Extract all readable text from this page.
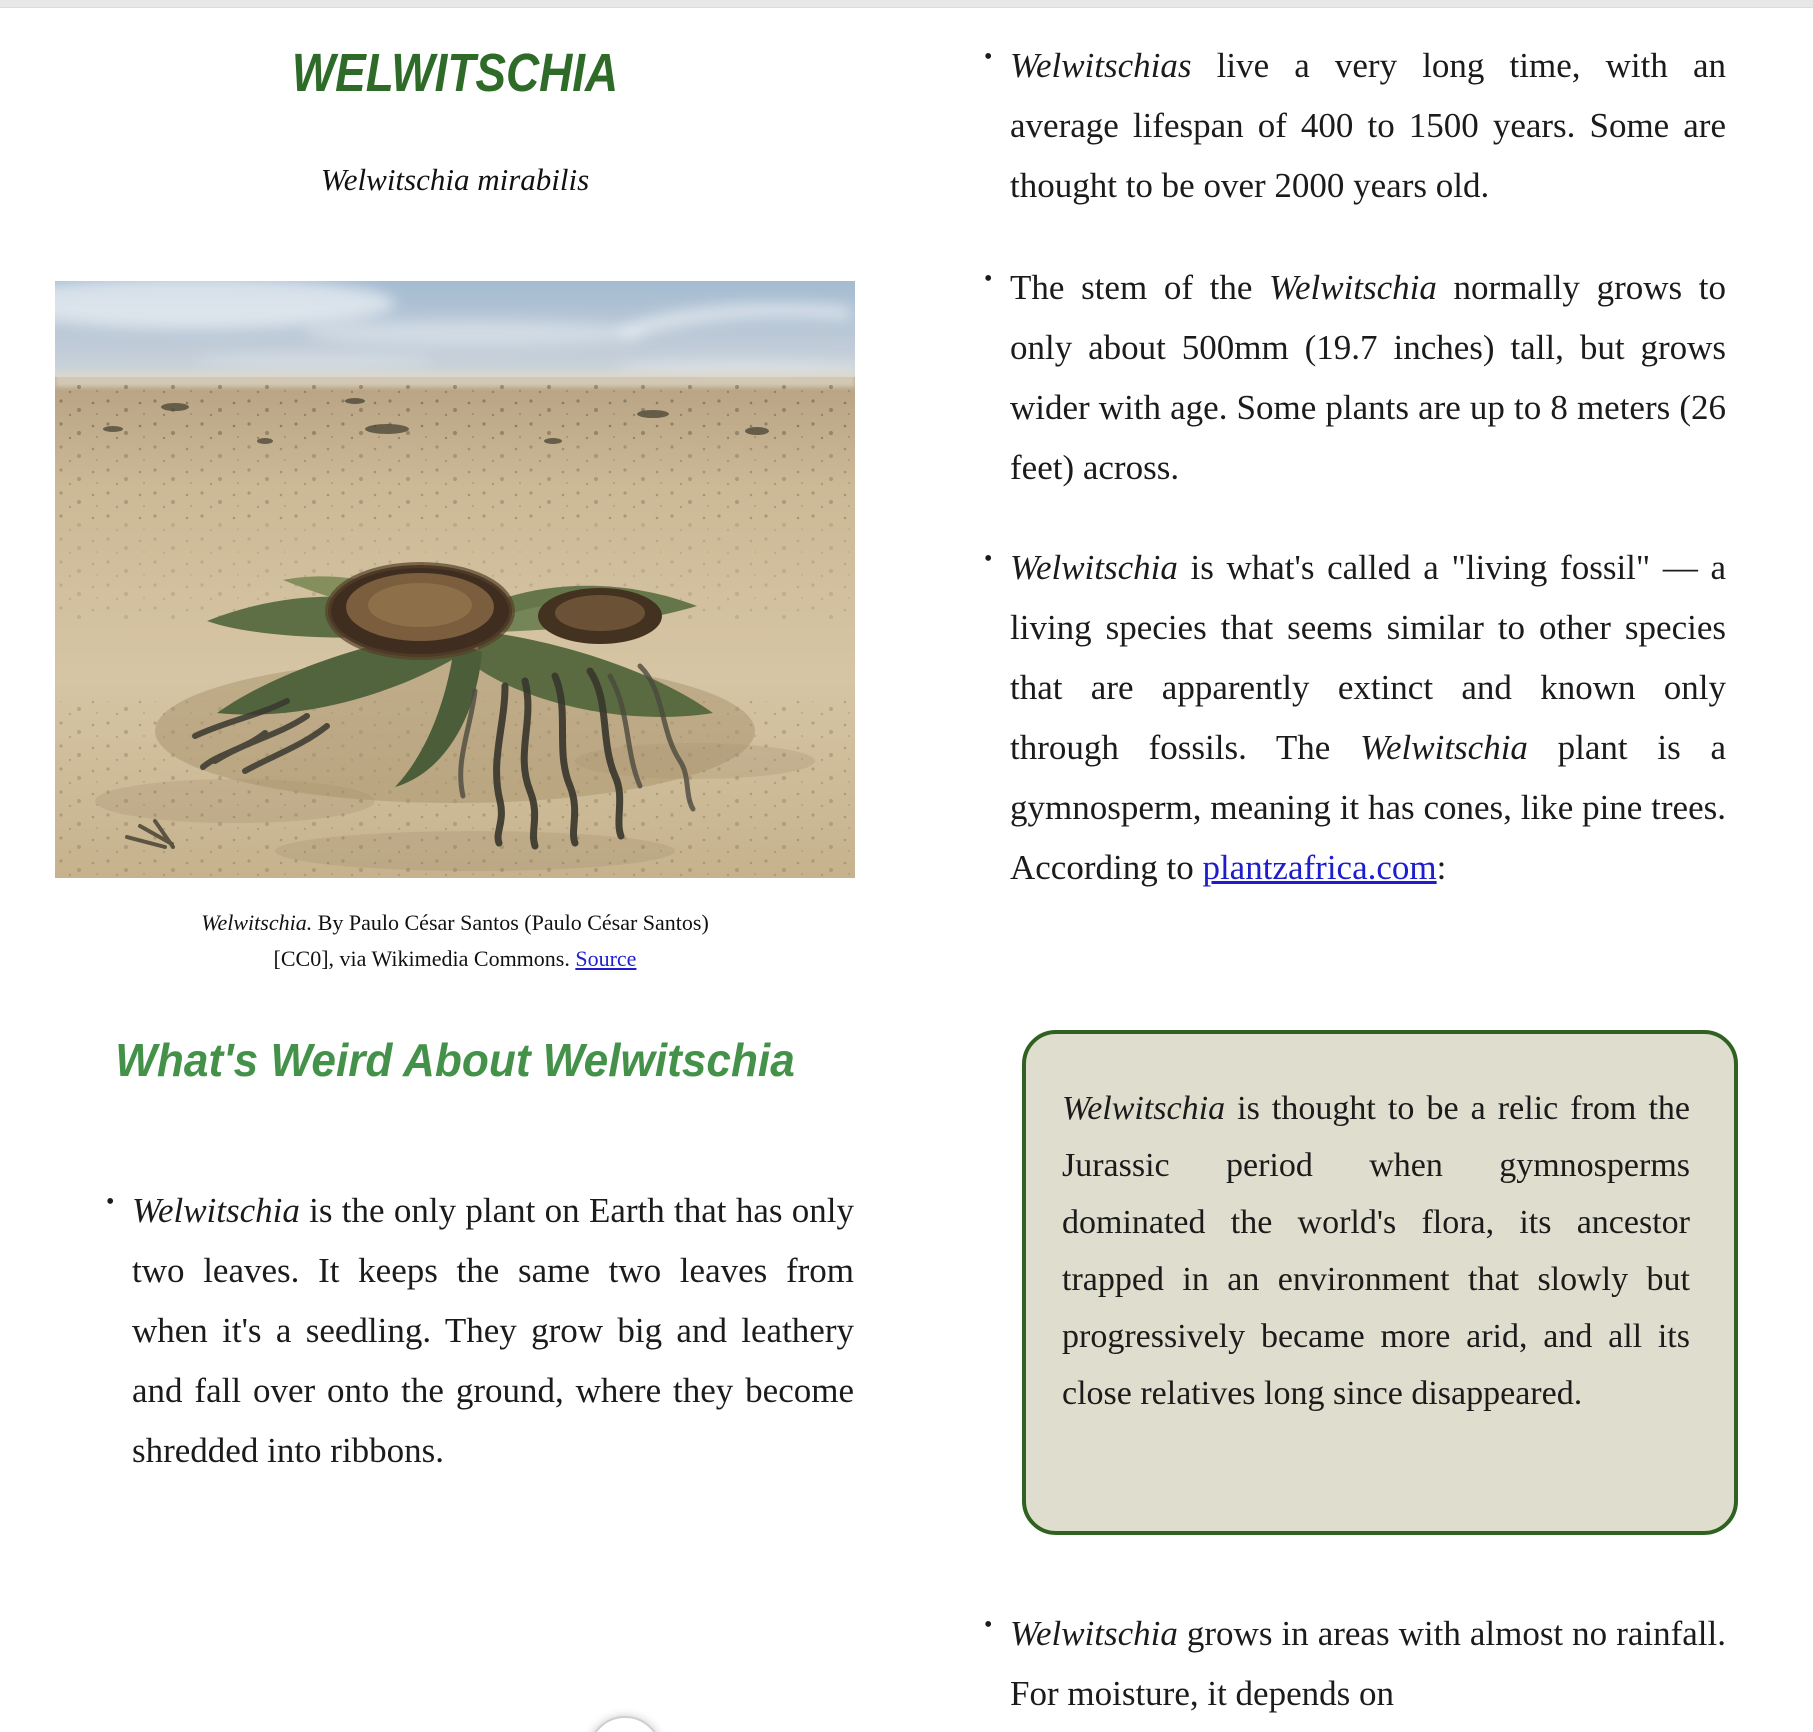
WELWITSCHIA

Welwitschia mirabilis

Welwitschia. By Paulo César Santos (Paulo César Santos)
[CC0], via Wikimedia Commons. Source
What's Weird About Welwitschia
• Welwitschia is the only plant on Earth that has only two leaves. It keeps the same two leaves from when it's a seedling. They grow big and leathery and fall over onto the ground, where they become shredded into ribbons.
• Welwitschias live a very long time, with an average lifespan of 400 to 1500 years. Some are thought to be over 2000 years old.
• The stem of the Welwitschia normally grows to only about 500mm (19.7 inches) tall, but grows wider with age. Some plants are up to 8 meters (26 feet) across.
• Welwitschia is what's called a "living fossil" — a living species that seems similar to other species that are apparently extinct and known only through fossils. The Welwitschia plant is a gymnosperm, meaning it has cones, like pine trees. According to plantzafrica.com:
Welwitschia is thought to be a relic from the Jurassic period when gymnosperms dominated the world's flora, its ancestor trapped in an environment that slowly but progressively became more arid, and all its close relatives long since disappeared.
• Welwitschia grows in areas with almost no rainfall. For moisture, it depends on
